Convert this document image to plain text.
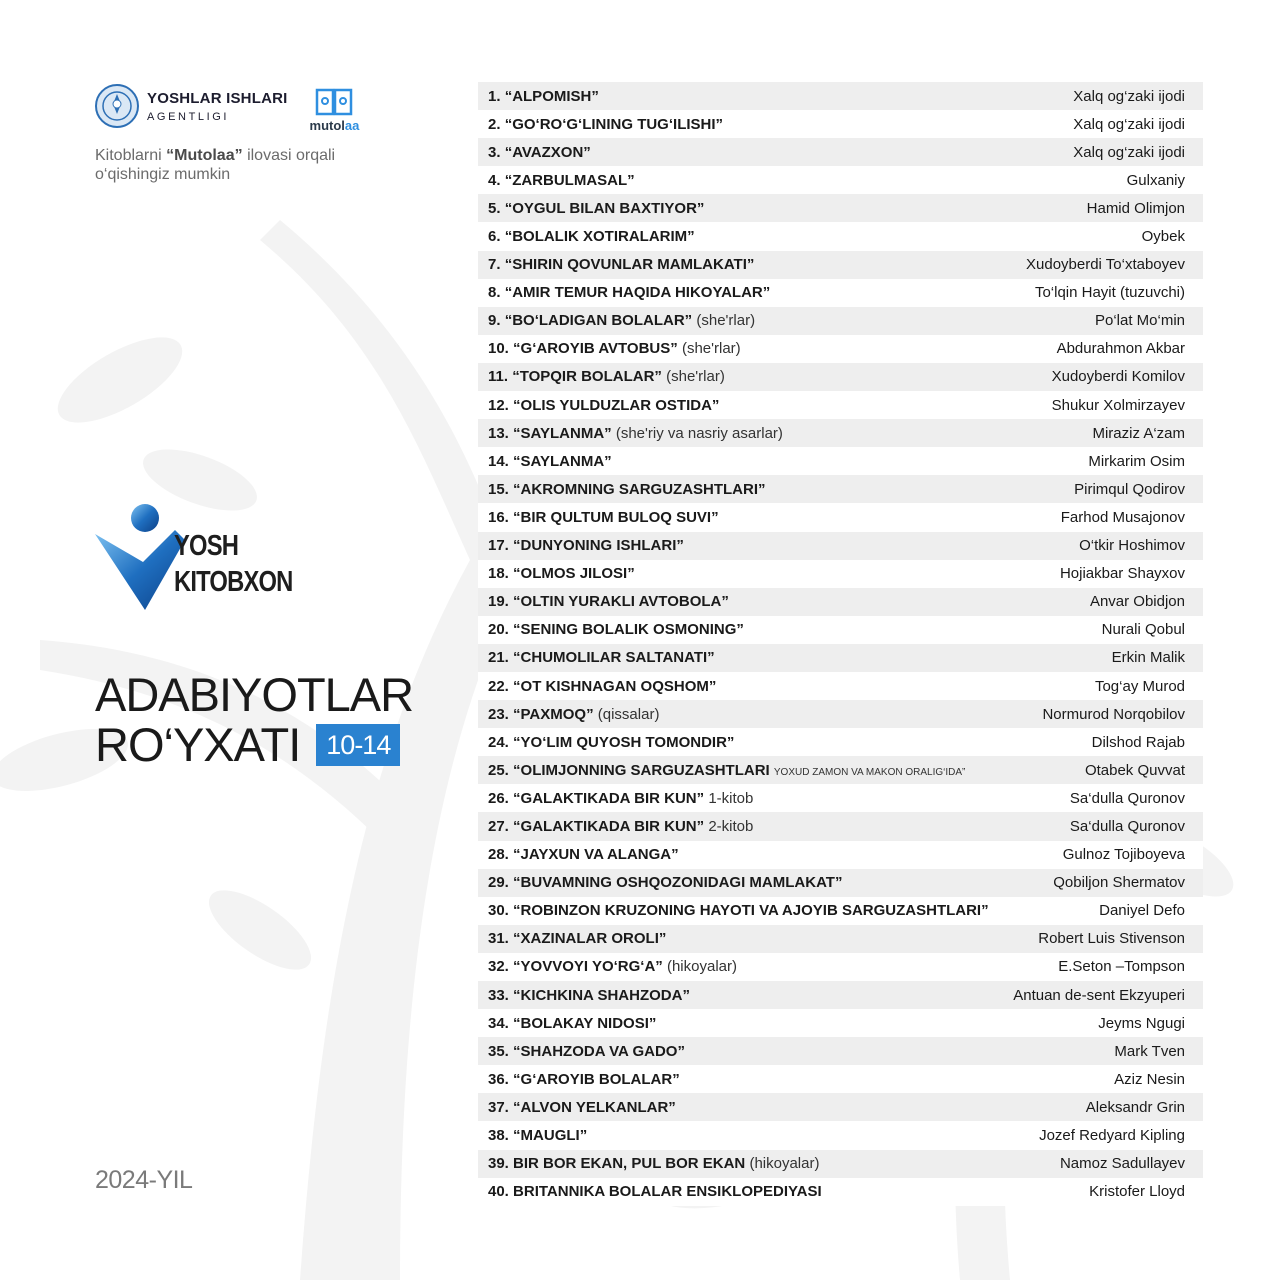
YOSHLAR ISHLARI
AGENTLIGI
mutolaa
Kitoblarni “Mutolaa” ilovasi orqali
o‘qishingiz mumkin
YOSH
KITOBXON
ADABIYOTLAR
RO‘YXATI 10-14
2024-YIL
1. “ALPOMISH”	Xalq og‘zaki ijodi
2. “GO‘RO‘G‘LINING TUG‘ILISHI”	Xalq og‘zaki ijodi
3. “AVAZXON”	Xalq og‘zaki ijodi
4. “ZARBULMASAL”	Gulxaniy
5. “OYGUL BILAN BAXTIYOR”	Hamid Olimjon
6. “BOLALIK XOTIRALARIM”	Oybek
7. “SHIRIN QOVUNLAR MAMLAKATI”	Xudoyberdi To‘xtaboyev
8. “AMIR TEMUR HAQIDA HIKOYALAR”	To‘lqin Hayit (tuzuvchi)
9. “BO‘LADIGAN BOLALAR” (she'rlar)	Po‘lat Mo‘min
10. “G‘AROYIB AVTOBUS” (she'rlar)	Abdurahmon Akbar
11. “TOPQIR BOLALAR” (she'rlar)	Xudoyberdi Komilov
12. “OLIS YULDUZLAR OSTIDA”	Shukur Xolmirzayev
13. “SAYLANMA” (she'riy va nasriy asarlar)	Miraziz A‘zam
14. “SAYLANMA”	Mirkarim Osim
15. “AKROMNING SARGUZASHTLARI”	Pirimqul Qodirov
16. “BIR QULTUM BULOQ SUVI”	Farhod Musajonov
17. “DUNYONING ISHLARI”	O‘tkir Hoshimov
18. “OLMOS JILOSI”	Hojiakbar Shayxov
19. “OLTIN YURAKLI AVTOBOLA”	Anvar Obidjon
20. “SENING BOLALIK OSMONING”	Nurali Qobul
21. “CHUMOLILAR SALTANATI”	Erkin Malik
22. “OT KISHNAGAN OQSHOM”	Tog‘ay Murod
23. “PAXMOQ” (qissalar)	Normurod Norqobilov
24. “YO‘LIM QUYOSH TOMONDIR”	Dilshod Rajab
25. “OLIMJONNING SARGUZASHTLARI YOXUD ZAMON VA MAKON ORALIG‘IDA”	Otabek Quvvat
26. “GALAKTIKADA BIR KUN” 1-kitob	Sa‘dulla Quronov
27. “GALAKTIKADA BIR KUN” 2-kitob	Sa‘dulla Quronov
28. “JAYXUN VA ALANGA”	Gulnoz Tojiboyeva
29. “BUVAMNING OSHQOZONIDAGI MAMLAKAT”	Qobiljon Shermatov
30. “ROBINZON KRUZONING HAYOTI VA AJOYIB SARGUZASHTLARI”	Daniyel Defo
31. “XAZINALAR OROLI”	Robert Luis Stivenson
32. “YOVVOYI YO‘RG‘A” (hikoyalar)	E.Seton –Tompson
33. “KICHKINA SHAHZODA”	Antuan de-sent Ekzyuperi
34. “BOLAKAY NIDOSI”	Jeyms Ngugi
35. “SHAHZODA VA GADO”	Mark Tven
36. “G‘AROYIB BOLALAR”	Aziz Nesin
37. “ALVON YELKANLAR”	Aleksandr Grin
38. “MAUGLI”	Jozef Redyard Kipling
39. BIR BOR EKAN, PUL BOR EKAN (hikoyalar)	Namoz Sadullayev
40. BRITANNIKA BOLALAR ENSIKLOPEDIYASI	Kristofer Lloyd
